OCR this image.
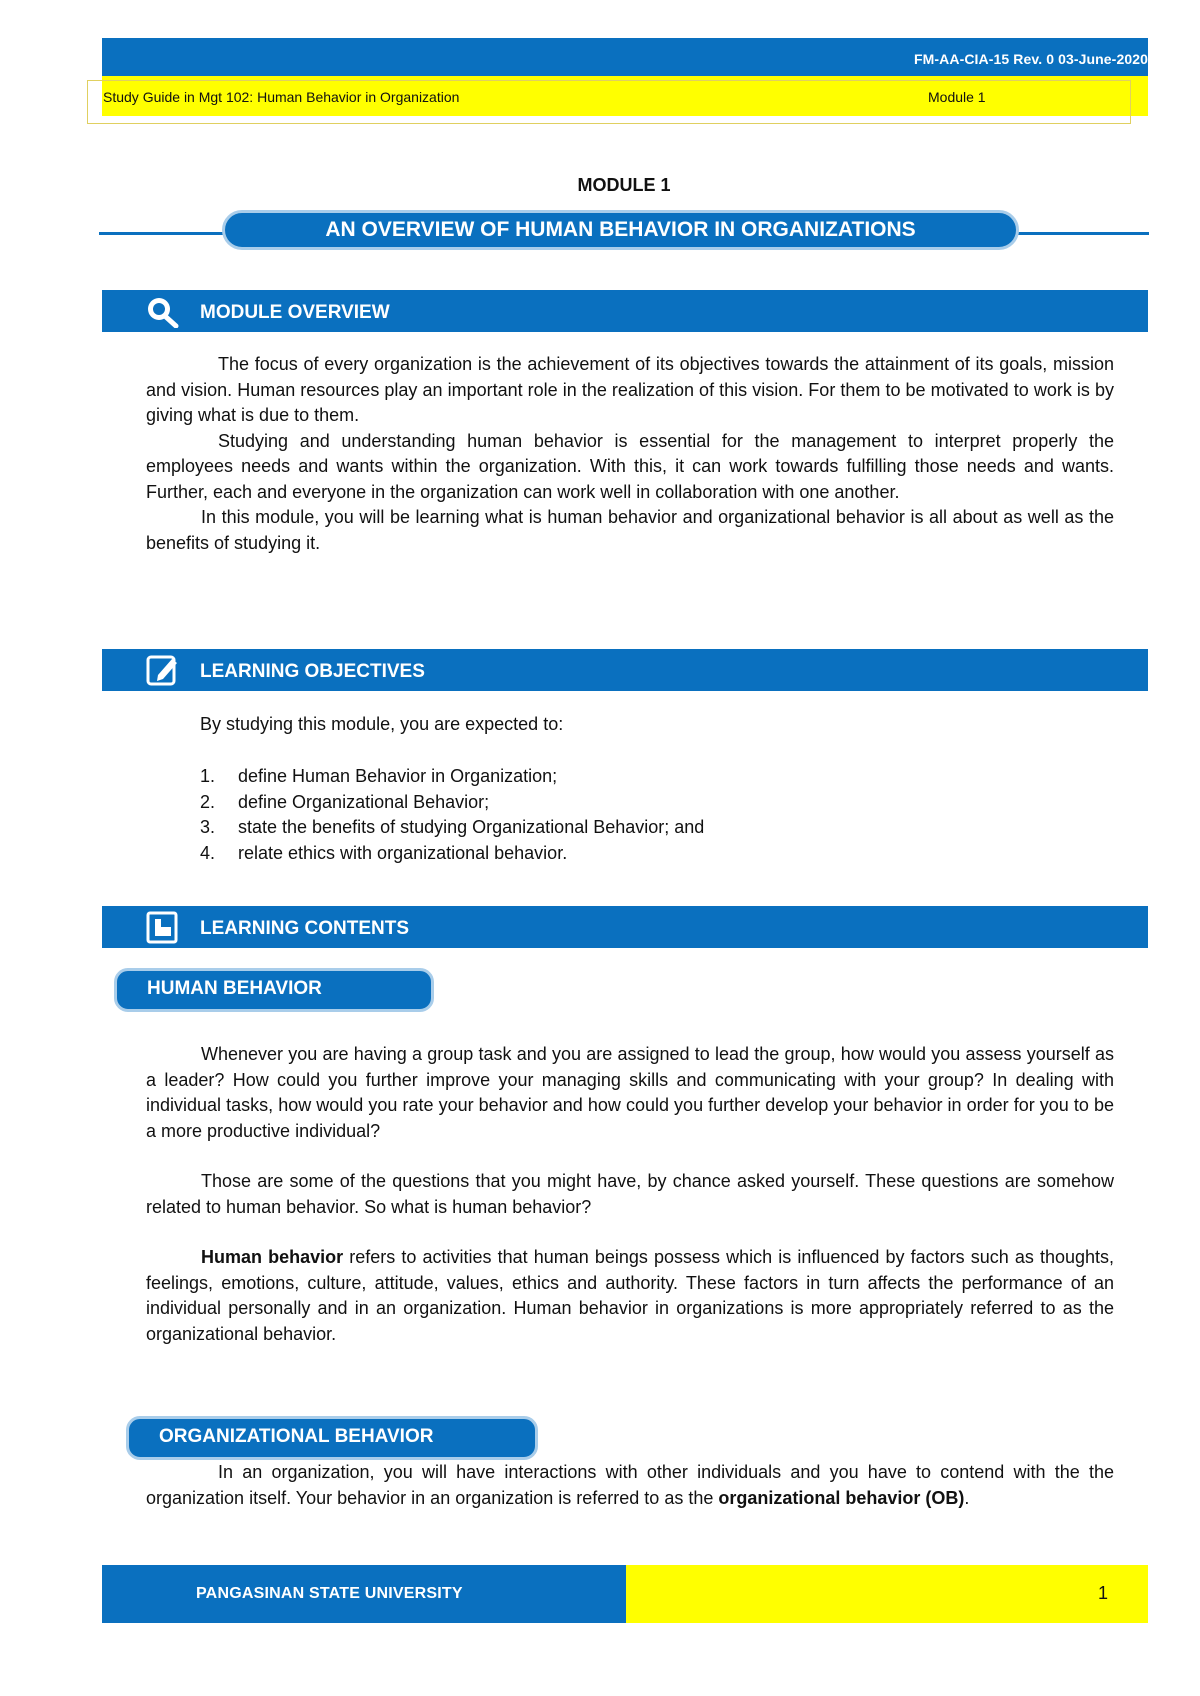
FM-AA-CIA-15 Rev. 0 03-June-2020
Study Guide in Mgt 102: Human Behavior in Organization	Module 1
MODULE 1
AN OVERVIEW OF HUMAN BEHAVIOR IN ORGANIZATIONS
MODULE OVERVIEW

The focus of every organization is the achievement of its objectives towards the attainment of its goals, mission and vision. Human resources play an important role in the realization of this vision. For them to be motivated to work is by giving what is due to them.

Studying and understanding human behavior is essential for the management to interpret properly the employees needs and wants within the organization. With this, it can work towards fulfilling those needs and wants. Further, each and everyone in the organization can work well in collaboration with one another.

In this module, you will be learning what is human behavior and organizational behavior is all about as well as the benefits of studying it.

LEARNING OBJECTIVES
By studying this module, you are expected to:
1.	define Human Behavior in Organization;
2.	define Organizational Behavior;
3.	state the benefits of studying Organizational Behavior; and
4.	relate ethics with organizational behavior.
LEARNING CONTENTS
HUMAN BEHAVIOR

Whenever you are having a group task and you are assigned to lead the group, how would you assess yourself as a leader? How could you further improve your managing skills and communicating with your group? In dealing with individual tasks, how would you rate your behavior and how could you further develop your behavior in order for you to be a more productive individual?

Those are some of the questions that you might have, by chance asked yourself. These questions are somehow related to human behavior. So what is human behavior?

Human behavior refers to activities that human beings possess which is influenced by factors such as thoughts, feelings, emotions, culture, attitude, values, ethics and authority. These factors in turn affects the performance of an individual personally and in an organization. Human behavior in organizations is more appropriately referred to as the organizational behavior.

ORGANIZATIONAL BEHAVIOR

In an organization, you will have interactions with other individuals and you have to contend with the the organization itself. Your behavior in an organization is referred to as the organizational behavior (OB).

PANGASINAN STATE UNIVERSITY	1
